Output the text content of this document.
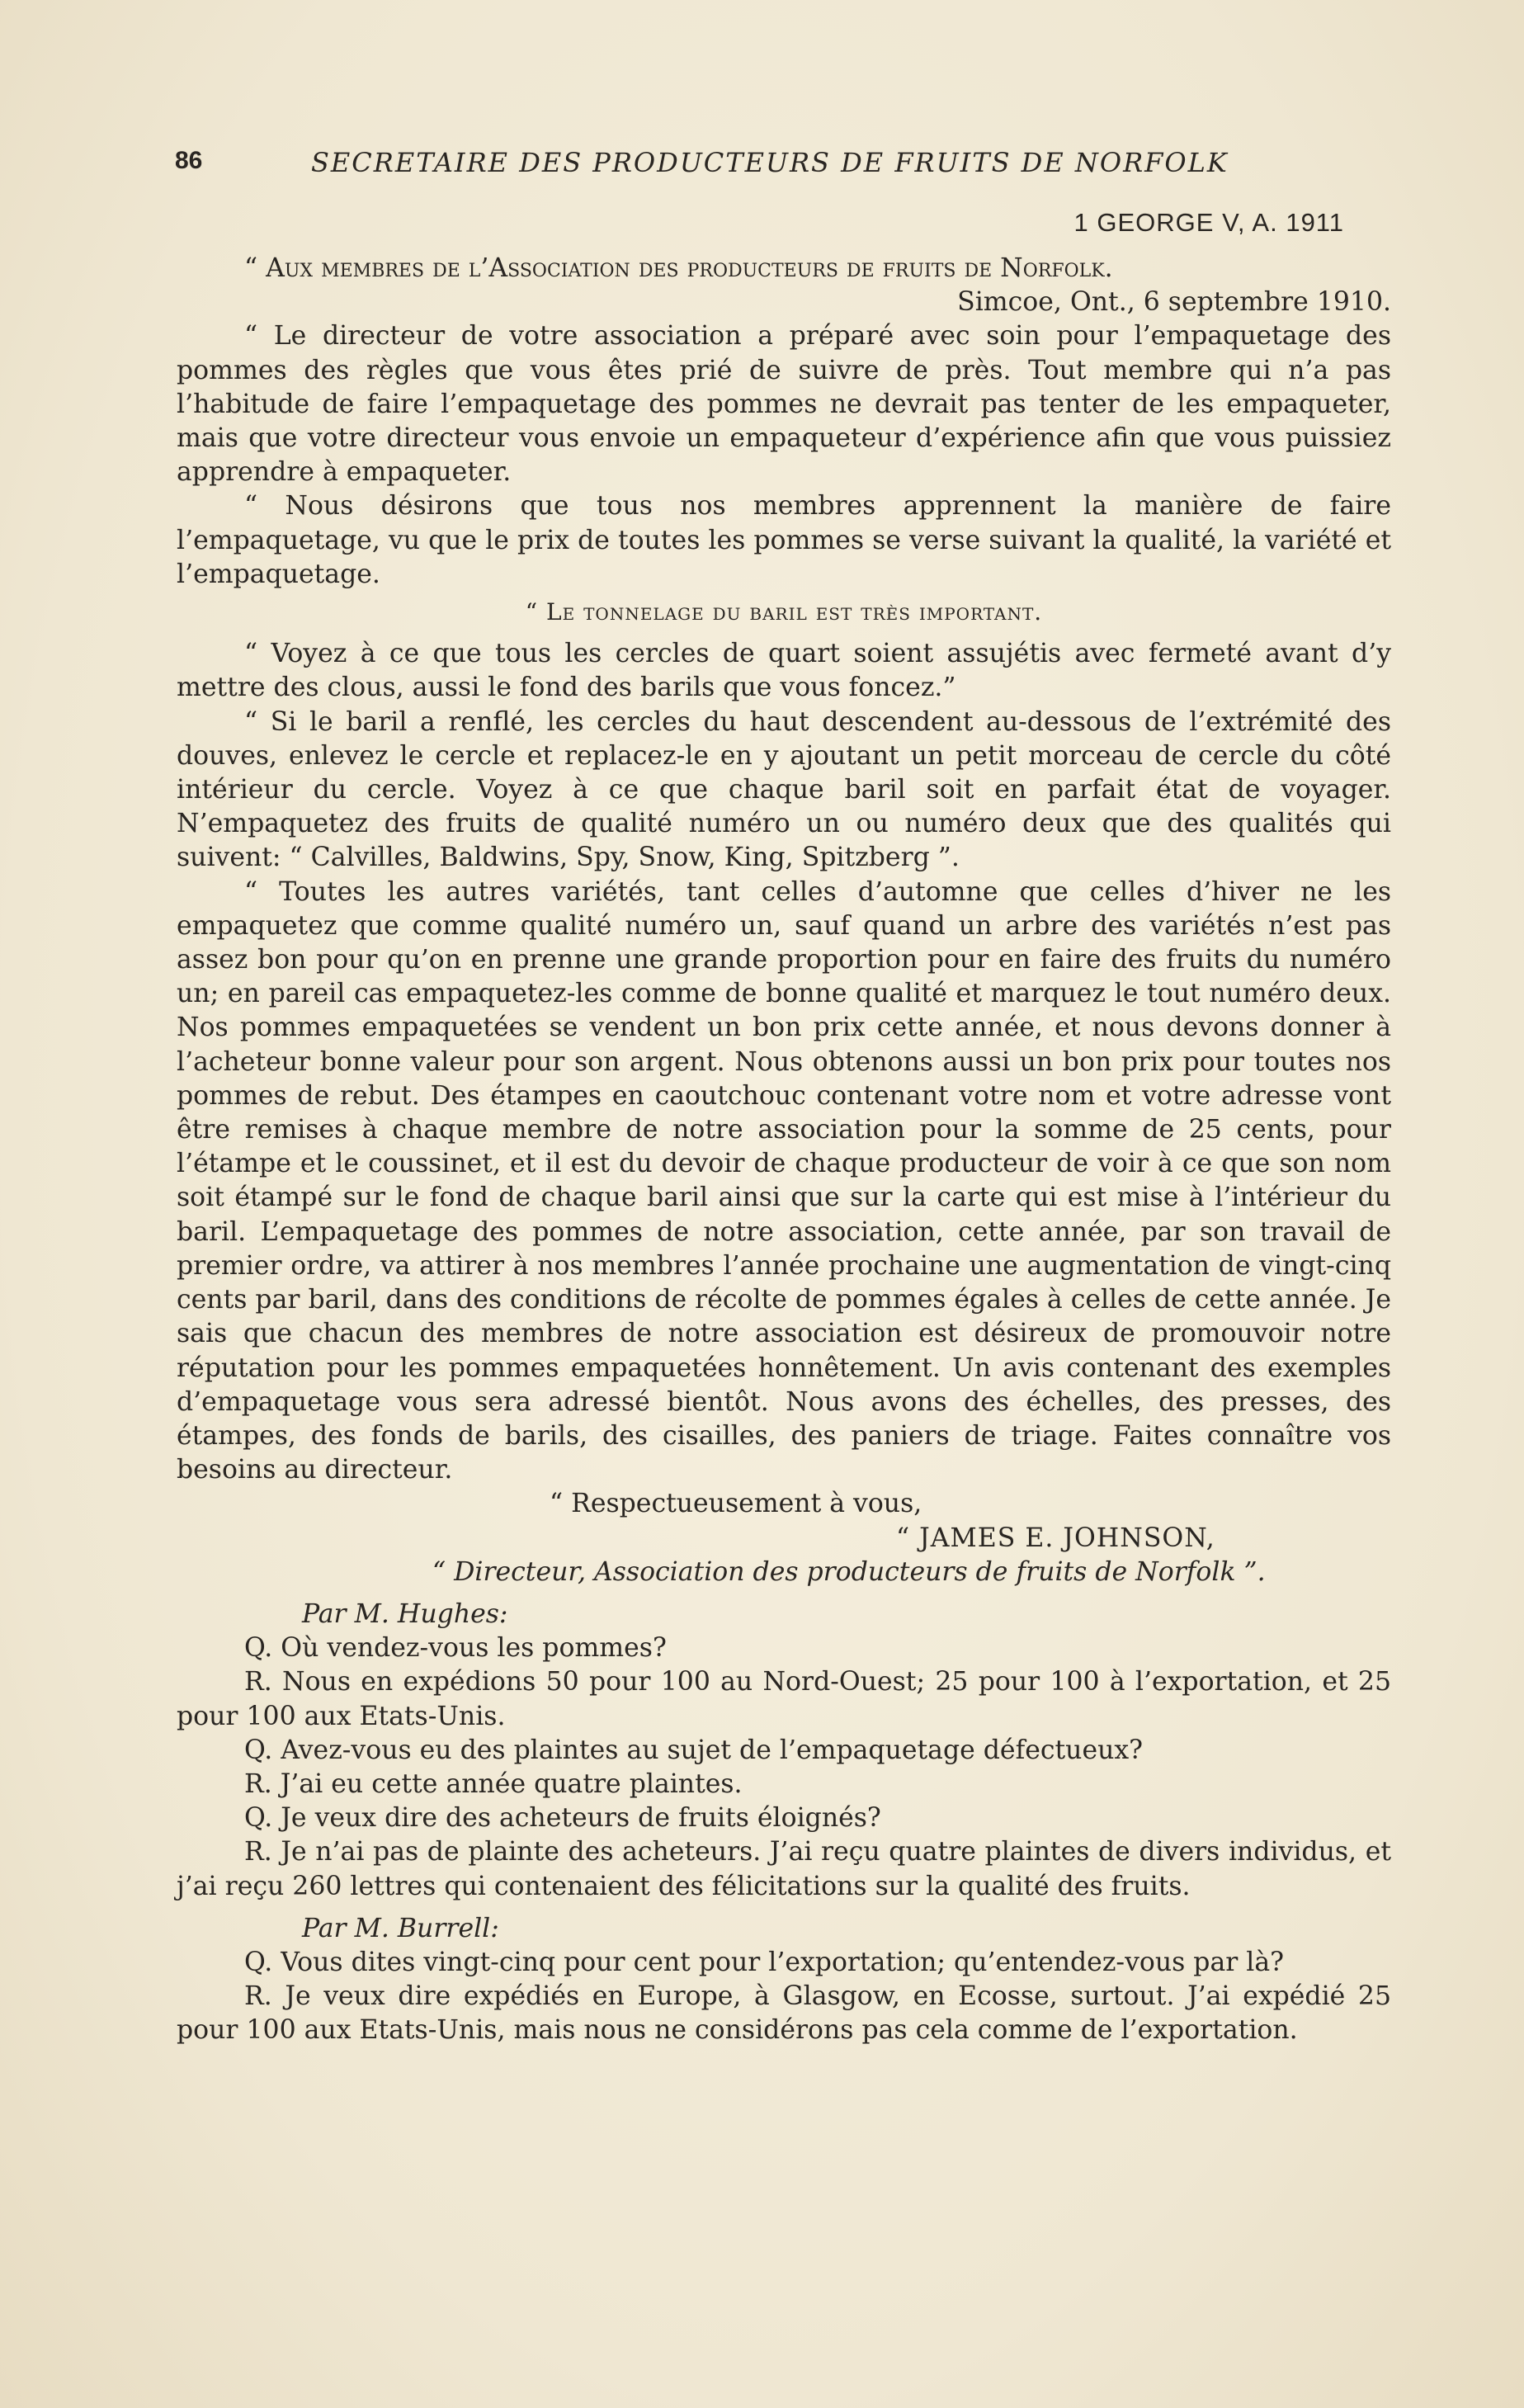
86	SECRETAIRE DES PRODUCTEURS DE FRUITS DE NORFOLK
1 GEORGE V, A. 1911

“ Aux membres de l’Association des producteurs de fruits de Norfolk.

Simcoe, Ont., 6 septembre 1910.

“ Le directeur de votre association a préparé avec soin pour l’empaquetage des pommes des règles que vous êtes prié de suivre de près. Tout membre qui n’a pas l’habitude de faire l’empaquetage des pommes ne devrait pas tenter de les empaqueter, mais que votre directeur vous envoie un empaqueteur d’expérience afin que vous puissiez apprendre à empaqueter.

“ Nous désirons que tous nos membres apprennent la manière de faire l’empaquetage, vu que le prix de toutes les pommes se verse suivant la qualité, la variété et l’empaquetage.

“ Le tonnelage du baril est très important.

“ Voyez à ce que tous les cercles de quart soient assujétis avec fermeté avant d’y mettre des clous, aussi le fond des barils que vous foncez.”

“ Si le baril a renflé, les cercles du haut descendent au-dessous de l’extrémité des douves, enlevez le cercle et replacez-le en y ajoutant un petit morceau de cercle du côté intérieur du cercle. Voyez à ce que chaque baril soit en parfait état de voyager. N’empaquetez des fruits de qualité numéro un ou numéro deux que des qualités qui suivent: “ Calvilles, Baldwins, Spy, Snow, King, Spitzberg ”.

“ Toutes les autres variétés, tant celles d’automne que celles d’hiver ne les empaquetez que comme qualité numéro un, sauf quand un arbre des variétés n’est pas assez bon pour qu’on en prenne une grande proportion pour en faire des fruits du numéro un; en pareil cas empaquetez-les comme de bonne qualité et marquez le tout numéro deux. Nos pommes empaquetées se vendent un bon prix cette année, et nous devons donner à l’acheteur bonne valeur pour son argent. Nous obtenons aussi un bon prix pour toutes nos pommes de rebut. Des étampes en caoutchouc contenant votre nom et votre adresse vont être remises à chaque membre de notre association pour la somme de 25 cents, pour l’étampe et le coussinet, et il est du devoir de chaque producteur de voir à ce que son nom soit étampé sur le fond de chaque baril ainsi que sur la carte qui est mise à l’intérieur du baril. L’empaquetage des pommes de notre association, cette année, par son travail de premier ordre, va attirer à nos membres l’année prochaine une augmentation de vingt-cinq cents par baril, dans des conditions de récolte de pommes égales à celles de cette année. Je sais que chacun des membres de notre association est désireux de promouvoir notre réputation pour les pommes empaquetées honnêtement. Un avis contenant des exemples d’empaquetage vous sera adressé bientôt. Nous avons des échelles, des presses, des étampes, des fonds de barils, des cisailles, des paniers de triage. Faites connaître vos besoins au directeur.

“ Respectueusement à vous,

“ JAMES E. JOHNSON,

“ Directeur, Association des producteurs de fruits de Norfolk ”.

Par M. Hughes:

Q. Où vendez-vous les pommes?

R. Nous en expédions 50 pour 100 au Nord-Ouest; 25 pour 100 à l’exportation, et 25 pour 100 aux Etats-Unis.

Q. Avez-vous eu des plaintes au sujet de l’empaquetage défectueux?

R. J’ai eu cette année quatre plaintes.

Q. Je veux dire des acheteurs de fruits éloignés?

R. Je n’ai pas de plainte des acheteurs. J’ai reçu quatre plaintes de divers individus, et j’ai reçu 260 lettres qui contenaient des félicitations sur la qualité des fruits.

Par M. Burrell:

Q. Vous dites vingt-cinq pour cent pour l’exportation; qu’entendez-vous par là?

R. Je veux dire expédiés en Europe, à Glasgow, en Ecosse, surtout. J’ai expédié 25 pour 100 aux Etats-Unis, mais nous ne considérons pas cela comme de l’exportation.
